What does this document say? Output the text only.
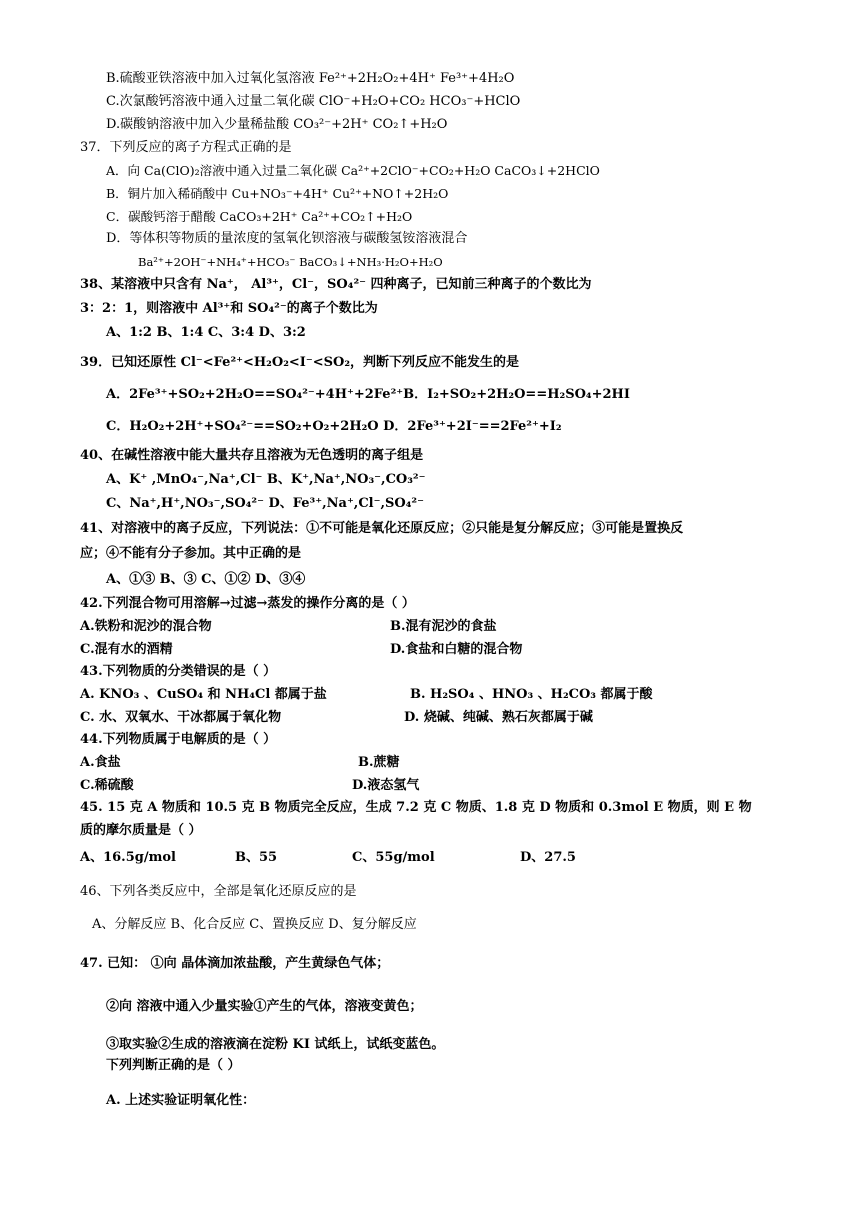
B.硫酸亚铁溶液中加入过氧化氢溶液 Fe²⁺+2H₂O₂+4H⁺ Fe³⁺+4H₂O
C.次氯酸钙溶液中通入过量二氧化碳 ClO⁻+H₂O+CO₂ HCO₃⁻+HClO
D.碳酸钠溶液中加入少量稀盐酸 CO₃²⁻+2H⁺ CO₂↑+H₂O
37．下列反应的离子方程式正确的是
A．向 Ca(ClO)₂溶液中通入过量二氧化碳 Ca²⁺+2ClO⁻+CO₂+H₂O CaCO₃↓+2HClO
B．铜片加入稀硝酸中 Cu+NO₃⁻+4H⁺ Cu²⁺+NO↑+2H₂O
C．碳酸钙溶于醋酸 CaCO₃+2H⁺ Ca²⁺+CO₂↑+H₂O
D．等体积等物质的量浓度的氢氧化钡溶液与碳酸氢铵溶液混合
Ba²⁺+2OH⁻+NH₄⁺+HCO₃⁻ BaCO₃↓+NH₃·H₂O+H₂O
38、某溶液中只含有 Na⁺， Al³⁺，Cl⁻，SO₄²⁻ 四种离子，已知前三种离子的个数比为
3：2：1，则溶液中 Al³⁺和 SO₄²⁻的离子个数比为
A、1:2 B、1:4 C、3:4 D、3:2
39．已知还原性 Cl⁻<Fe²⁺<H₂O₂<I⁻<SO₂，判断下列反应不能发生的是
A．2Fe³⁺+SO₂+2H₂O==SO₄²⁻+4H⁺+2Fe²⁺B．I₂+SO₂+2H₂O==H₂SO₄+2HI
C．H₂O₂+2H⁺+SO₄²⁻==SO₂+O₂+2H₂O D．2Fe³⁺+2I⁻==2Fe²⁺+I₂
40、在碱性溶液中能大量共存且溶液为无色透明的离子组是
A、K⁺ ,MnO₄⁻,Na⁺,Cl⁻ B、K⁺,Na⁺,NO₃⁻,CO₃²⁻
C、Na⁺,H⁺,NO₃⁻,SO₄²⁻ D、Fe³⁺,Na⁺,Cl⁻,SO₄²⁻
41、对溶液中的离子反应，下列说法：①不可能是氧化还原反应；②只能是复分解反应；③可能是置换反
应；④不能有分子参加。其中正确的是
A、①③ B、③ C、①② D、③④
42.下列混合物可用溶解→过滤→蒸发的操作分离的是（ ）
A.铁粉和泥沙的混合物	B.混有泥沙的食盐
C.混有水的酒精	D.食盐和白糖的混合物
43.下列物质的分类错误的是（ ）
A. KNO₃ 、CuSO₄ 和 NH₄Cl 都属于盐	B. H₂SO₄ 、HNO₃ 、H₂CO₃ 都属于酸
C. 水、双氧水、干冰都属于氧化物	D. 烧碱、纯碱、熟石灰都属于碱
44.下列物质属于电解质的是（ ）
A.食盐	B.蔗糖
C.稀硫酸	D.液态氢气
45. 15 克 A 物质和 10.5 克 B 物质完全反应，生成 7.2 克 C 物质、1.8 克 D 物质和 0.3mol E 物质，则 E 物
质的摩尔质量是（ ）
A、16.5g/mol	B、55	C、55g/mol	D、27.5
46、下列各类反应中，全部是氧化还原反应的是
A、分解反应 B、化合反应 C、置换反应 D、复分解反应
47. 已知： ①向 晶体滴加浓盐酸，产生黄绿色气体；
②向 溶液中通入少量实验①产生的气体，溶液变黄色；
③取实验②生成的溶液滴在淀粉 KI 试纸上，试纸变蓝色。
下列判断正确的是（ ）
A. 上述实验证明氧化性：
